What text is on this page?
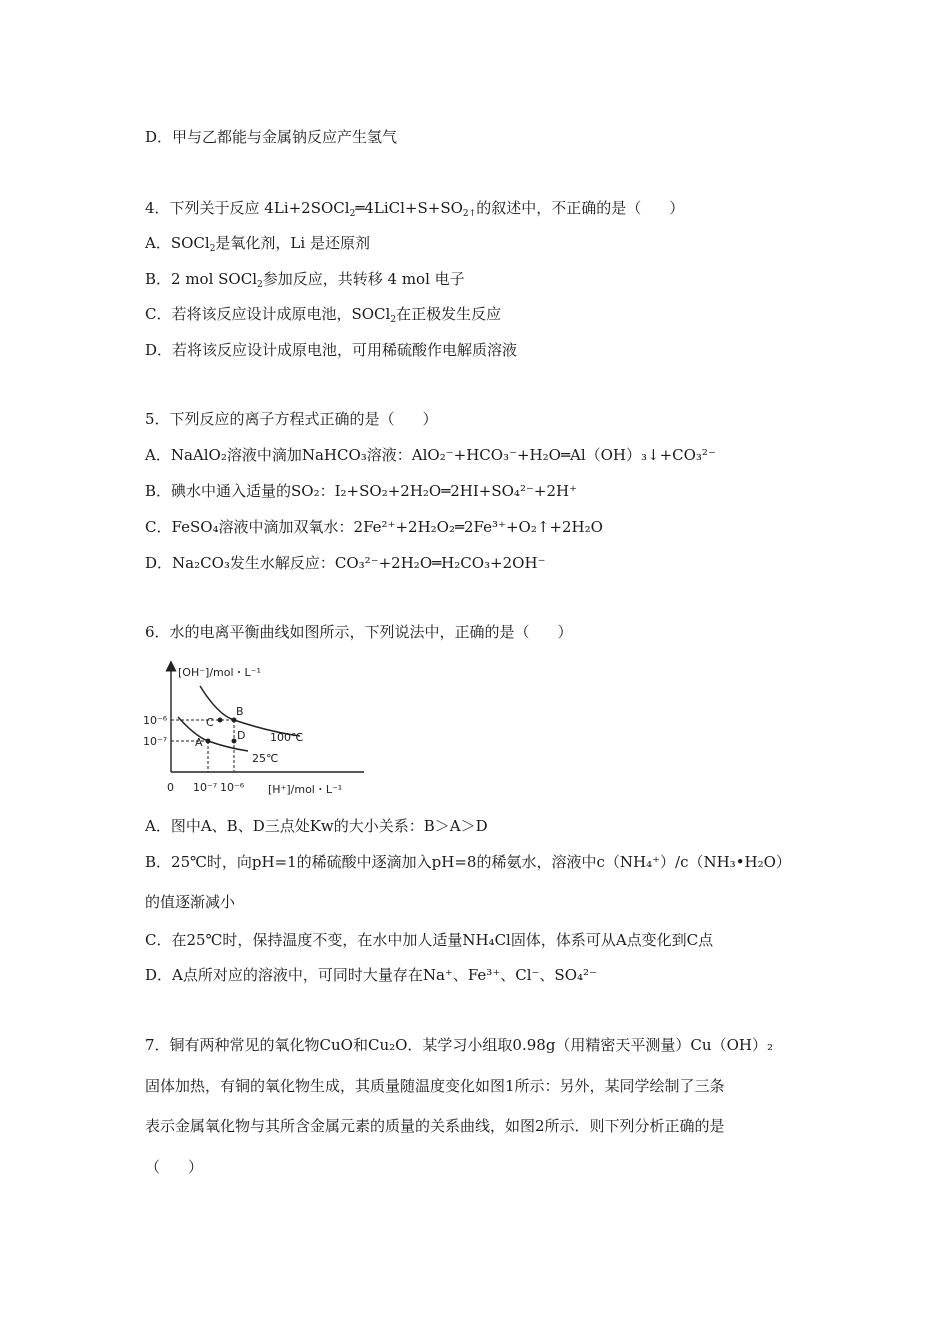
D．甲与乙都能与金属钠反应产生氢气
4．下列关于反应 $4Li+2SOCl_2═4LiCl+S+SO_{2↑}$的叙述中，不正确的是（ ）
A．SOCl$_2$是氧化剂，Li 是还原剂
B．2 mol SOCl$_2$参加反应，共转移 4 mol 电子
C．若将该反应设计成原电池，SOCl$_2$在正极发生反应
D．若将该反应设计成原电池，可用稀硫酸作电解质溶液
5．下列反应的离子方程式正确的是（ ）
A．NaAlO₂溶液中滴加NaHCO₃溶液：AlO₂⁻+HCO₃⁻+H₂O═Al（OH）₃↓+CO₃²⁻
B．碘水中通入适量的SO₂：I₂+SO₂+2H₂O═2HI+SO₄²⁻+2H⁺
C．FeSO₄溶液中滴加双氧水：2Fe²⁺+2H₂O₂═2Fe³⁺+O₂↑+2H₂O
D．Na₂CO₃发生水解反应：CO₃²⁻+2H₂O═H₂CO₃+2OH⁻
6．水的电离平衡曲线如图所示，下列说法中，正确的是（ ）
[OH⁻]/mol・L⁻¹
[H⁺]/mol・L⁻¹
10⁻⁶
10⁻⁷
0 10⁻⁷ 10⁻⁶
A
B
C
D 100℃
25℃
A．图中A、B、D三点处Kw的大小关系：B＞A＞D
B．25℃时，向pH=1的稀硫酸中逐滴加入pH=8的稀氨水，溶液中c（NH₄⁺）/c（NH₃•H₂O）
的值逐渐减小
C．在25℃时，保持温度不变，在水中加人适量NH₄Cl固体，体系可从A点变化到C点
D．A点所对应的溶液中，可同时大量存在Na⁺、Fe³⁺、Cl⁻、SO₄²⁻
7．铜有两种常见的氧化物CuO和Cu₂O．某学习小组取0.98g（用精密天平测量）Cu（OH）₂
固体加热，有铜的氧化物生成，其质量随温度变化如图1所示：另外，某同学绘制了三条
表示金属氧化物与其所含金属元素的质量的关系曲线，如图2所示．则下列分析正确的是
（ ）
